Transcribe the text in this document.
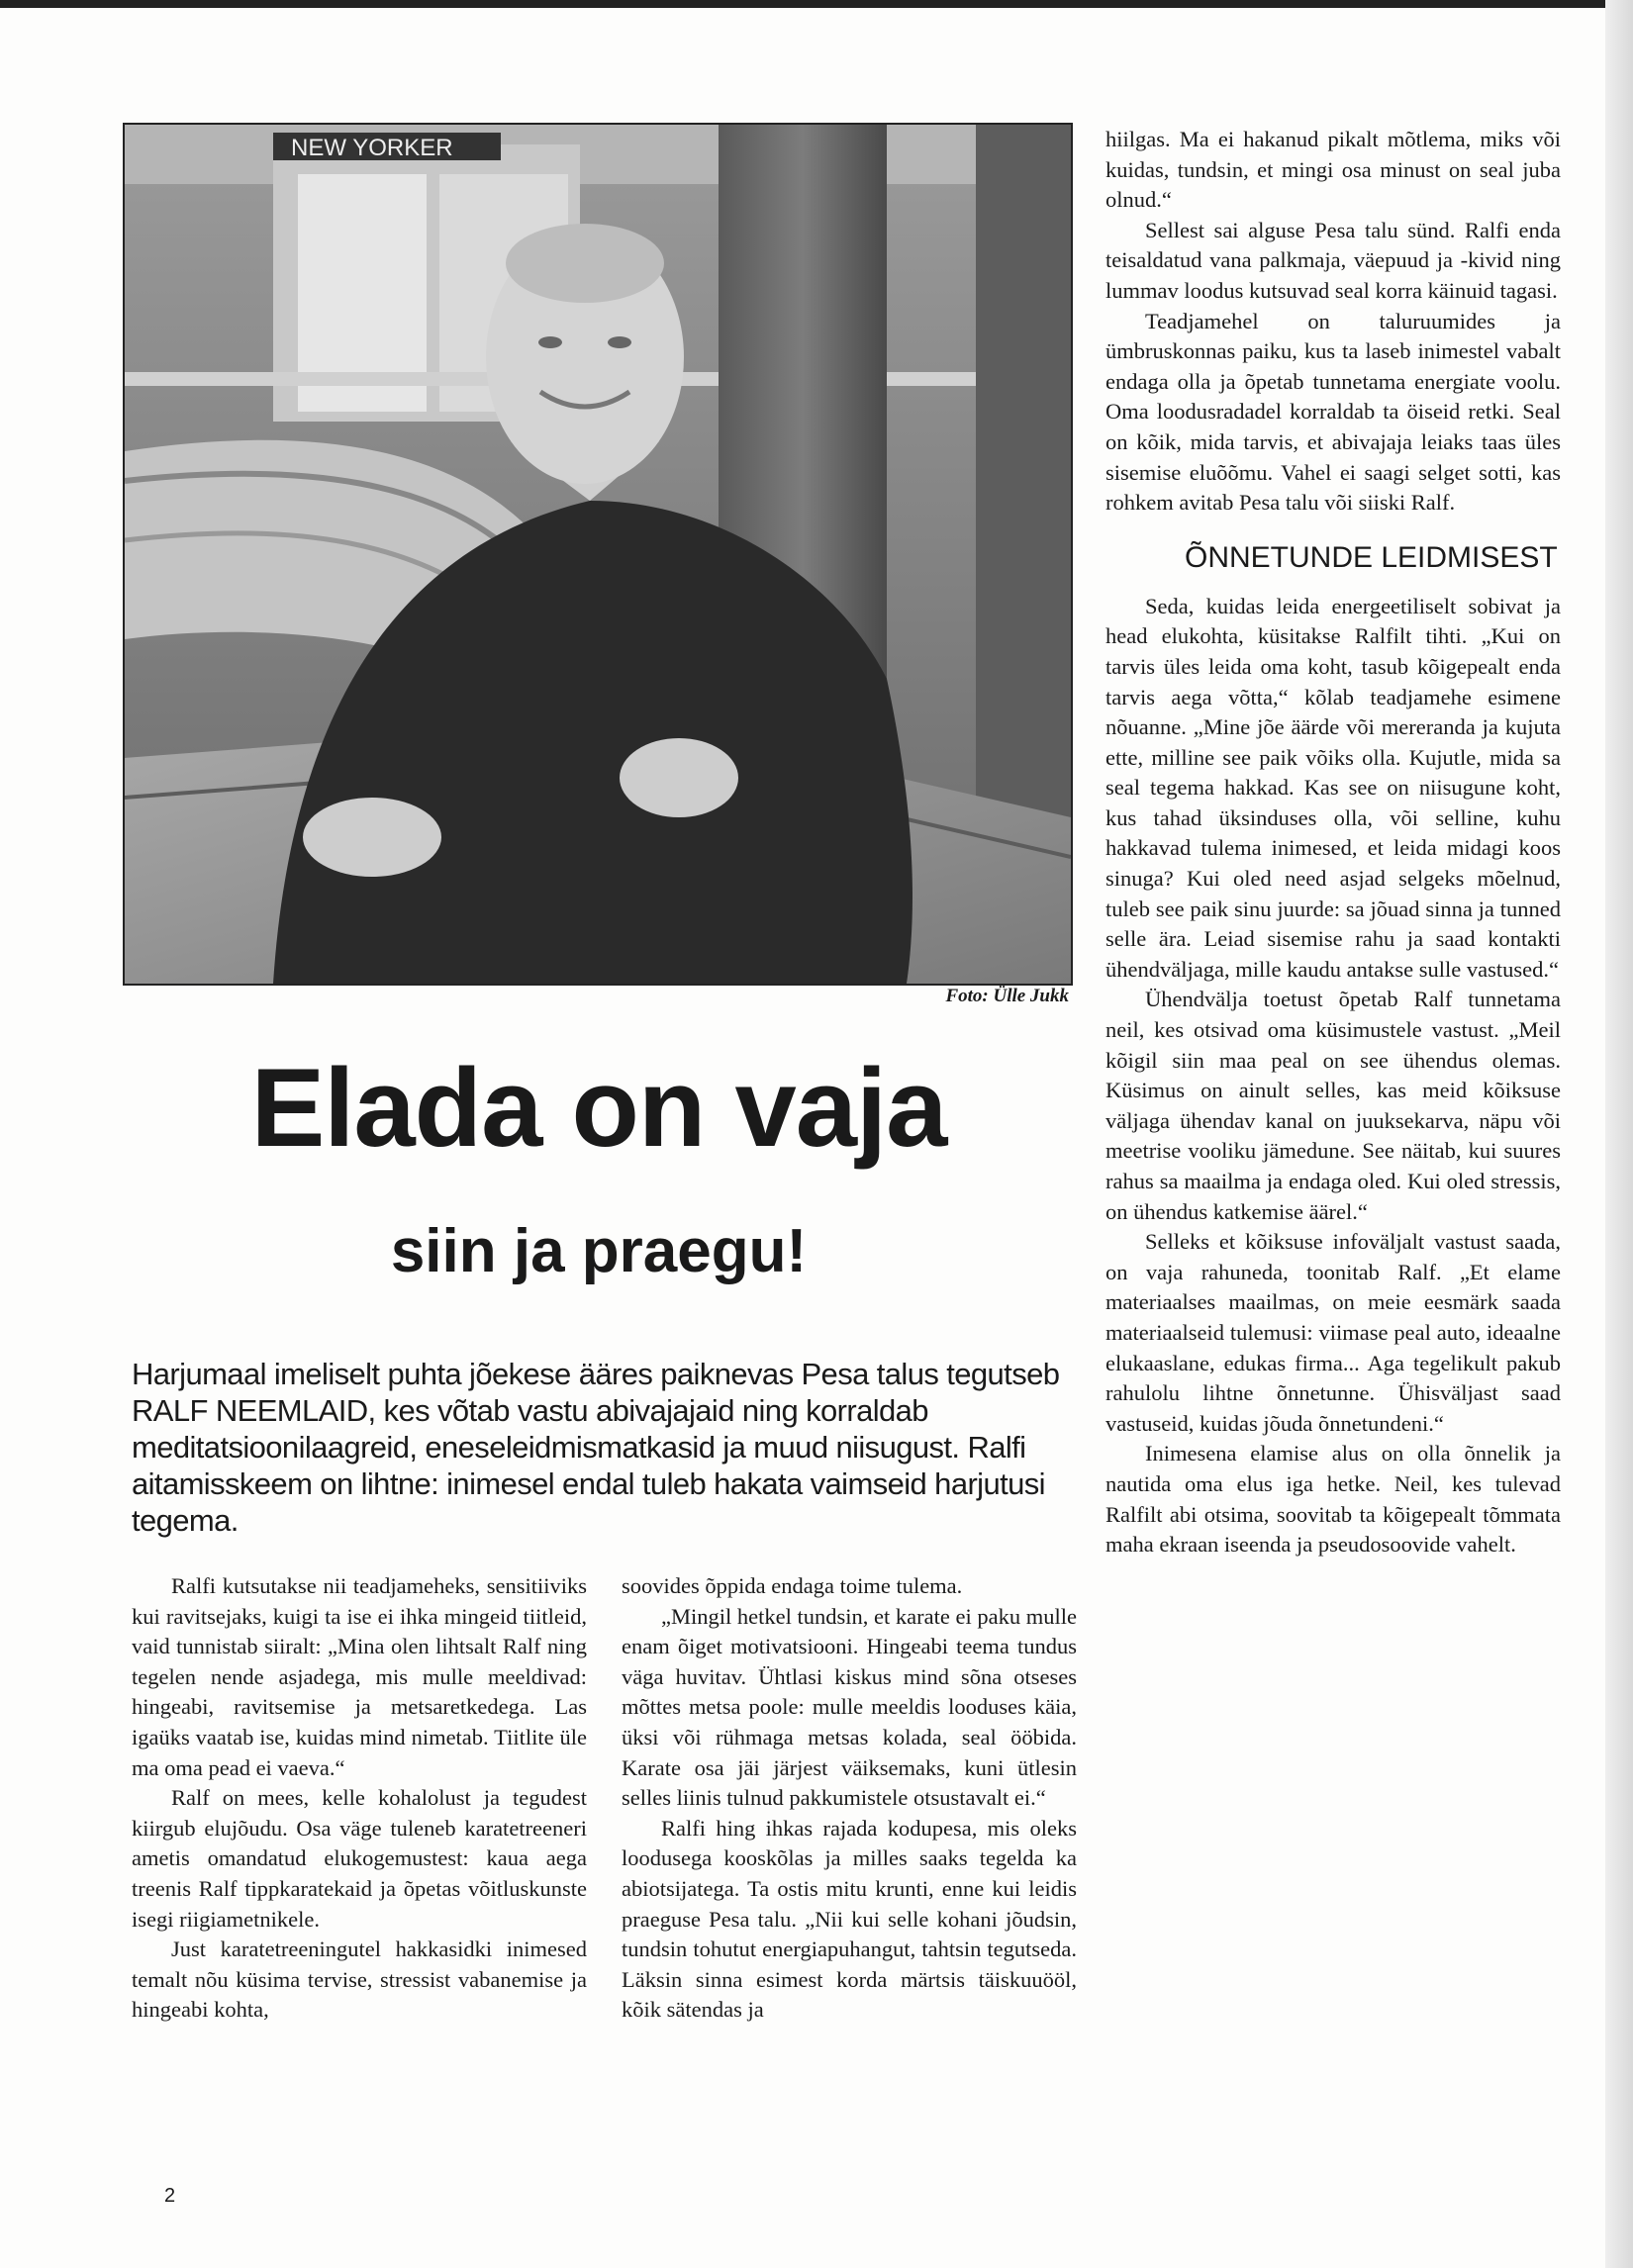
NEW YORKER
Foto: Ülle Jukk
Elada on vaja
siin ja praegu!

Harjumaal imeliselt puhta jõekese ääres paiknevas Pesa talus tegutseb RALF NEEMLAID, kes võtab vastu abivajajaid ning korraldab meditatsioonilaagreid, eneseleidmismatkasid ja muud niisugust. Ralfi aitamisskeem on lihtne: inimesel endal tuleb hakata vaimseid harjutusi tegema.

Ralfi kutsutakse nii teadjameheks, sensitiiviks kui ravitsejaks, kuigi ta ise ei ihka mingeid tiitleid, vaid tunnistab siiralt: „Mina olen lihtsalt Ralf ning tegelen nende asjadega, mis mulle meeldivad: hingeabi, ravitsemise ja metsaretkedega. Las igaüks vaatab ise, kuidas mind nimetab. Tiitlite üle ma oma pead ei vaeva.“

Ralf on mees, kelle kohalolust ja tegudest kiirgub elujõudu. Osa väge tuleneb karatetreeneri ametis omandatud elukogemustest: kaua aega treenis Ralf tippkaratekaid ja õpetas võitluskunste isegi riigiametnikele.

Just karatetreeningutel hakkasidki inimesed temalt nõu küsima tervise, stressist vabanemise ja hingeabi kohta,

soovides õppida endaga toime tulema.

„Mingil hetkel tundsin, et karate ei paku mulle enam õiget motivatsiooni. Hingeabi teema tundus väga huvitav. Ühtlasi kiskus mind sõna otseses mõttes metsa poole: mulle meeldis looduses käia, üksi või rühmaga metsas kolada, seal ööbida. Karate osa jäi järjest väiksemaks, kuni ütlesin selles liinis tulnud pakkumistele otsustavalt ei.“

Ralfi hing ihkas rajada kodupesa, mis oleks loodusega kooskõlas ja milles saaks tegelda ka abiotsijatega. Ta ostis mitu krunti, enne kui leidis praeguse Pesa talu. „Nii kui selle kohani jõudsin, tundsin tohutut energiapuhangut, tahtsin tegutseda. Läksin sinna esimest korda märtsis täiskuuööl, kõik sätendas ja

hiilgas. Ma ei hakanud pikalt mõtlema, miks või kuidas, tundsin, et mingi osa minust on seal juba olnud.“

Sellest sai alguse Pesa talu sünd. Ralfi enda teisaldatud vana palkmaja, väepuud ja -kivid ning lummav loodus kutsuvad seal korra käinuid tagasi.

Teadjamehel on taluruumides ja ümbruskonnas paiku, kus ta laseb inimestel vabalt endaga olla ja õpetab tunnetama energiate voolu. Oma loodusradadel korraldab ta öiseid retki. Seal on kõik, mida tarvis, et abivajaja leiaks taas üles sisemise eluõõmu. Vahel ei saagi selget sotti, kas rohkem avitab Pesa talu või siiski Ralf.

ÕNNETUNDE LEIDMISEST

Seda, kuidas leida energeetiliselt sobivat ja head elukohta, küsitakse Ralfilt tihti. „Kui on tarvis üles leida oma koht, tasub kõigepealt enda tarvis aega võtta,“ kõlab teadjamehe esimene nõuanne. „Mine jõe äärde või mereranda ja kujuta ette, milline see paik võiks olla. Kujutle, mida sa seal tegema hakkad. Kas see on niisugune koht, kus tahad üksinduses olla, või selline, kuhu hakkavad tulema inimesed, et leida midagi koos sinuga? Kui oled need asjad selgeks mõelnud, tuleb see paik sinu juurde: sa jõuad sinna ja tunned selle ära. Leiad sisemise rahu ja saad kontakti ühendväljaga, mille kaudu antakse sulle vastused.“

Ühendvälja toetust õpetab Ralf tunnetama neil, kes otsivad oma küsimustele vastust. „Meil kõigil siin maa peal on see ühendus olemas. Küsimus on ainult selles, kas meid kõiksuse väljaga ühendav kanal on juuksekarva, näpu või meetrise vooliku jämedune. See näitab, kui suures rahus sa maailma ja endaga oled. Kui oled stressis, on ühendus katkemise äärel.“

Selleks et kõiksuse infoväljalt vastust saada, on vaja rahuneda, toonitab Ralf. „Et elame materiaalses maailmas, on meie eesmärk saada materiaalseid tulemusi: viimase peal auto, ideaalne elukaaslane, edukas firma... Aga tegelikult pakub rahulolu lihtne õnnetunne. Ühisväljast saad vastuseid, kuidas jõuda õnnetundeni.“

Inimesena elamise alus on olla õnnelik ja nautida oma elus iga hetke. Neil, kes tulevad Ralfilt abi otsima, soovitab ta kõigepealt tõmmata maha ekraan iseenda ja pseudosoovide vahelt.

2
